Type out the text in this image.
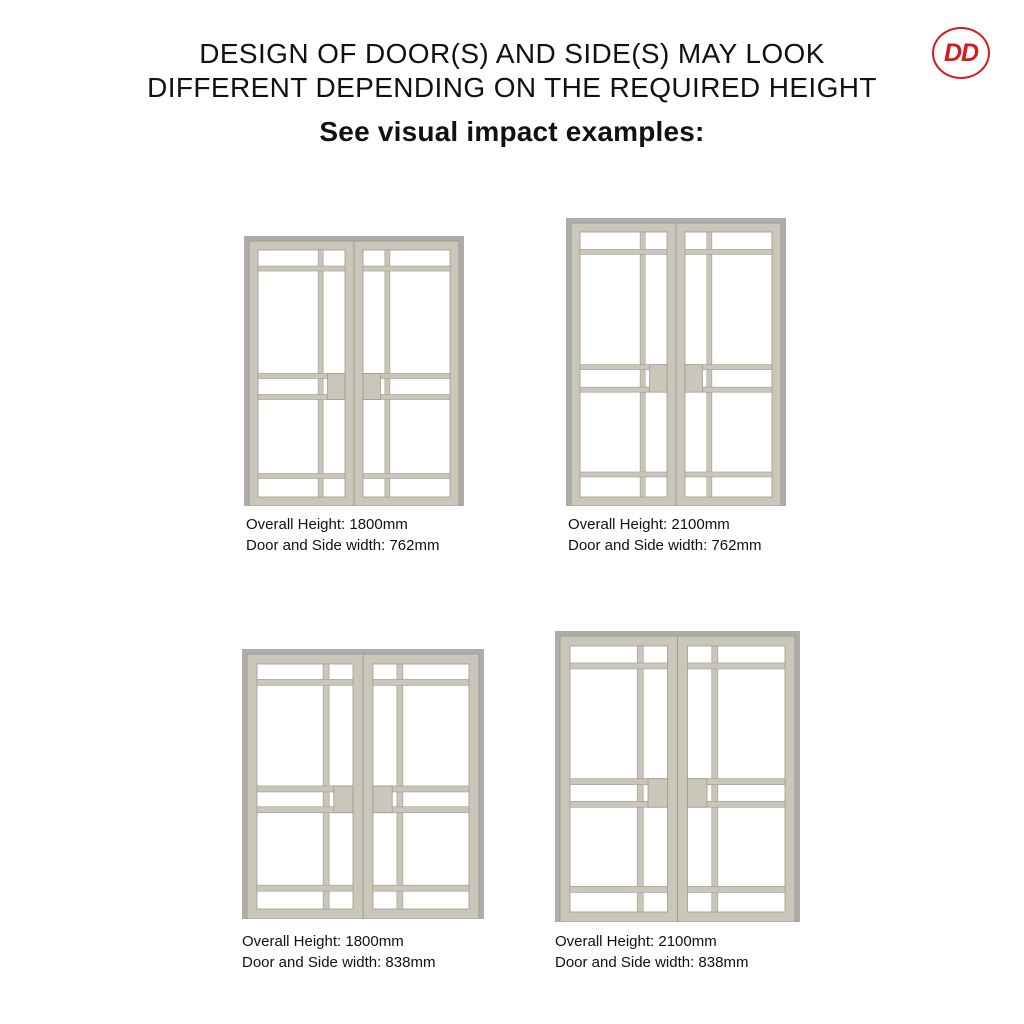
DESIGN OF DOOR(S) AND SIDE(S) MAY LOOK
DIFFERENT DEPENDING ON THE REQUIRED HEIGHT
See visual impact examples:
DD
Overall Height: 1800mm
Door and Side width: 762mm
Overall Height: 2100mm
Door and Side width: 762mm
Overall Height: 1800mm
Door and Side width: 838mm
Overall Height: 2100mm
Door and Side width: 838mm
